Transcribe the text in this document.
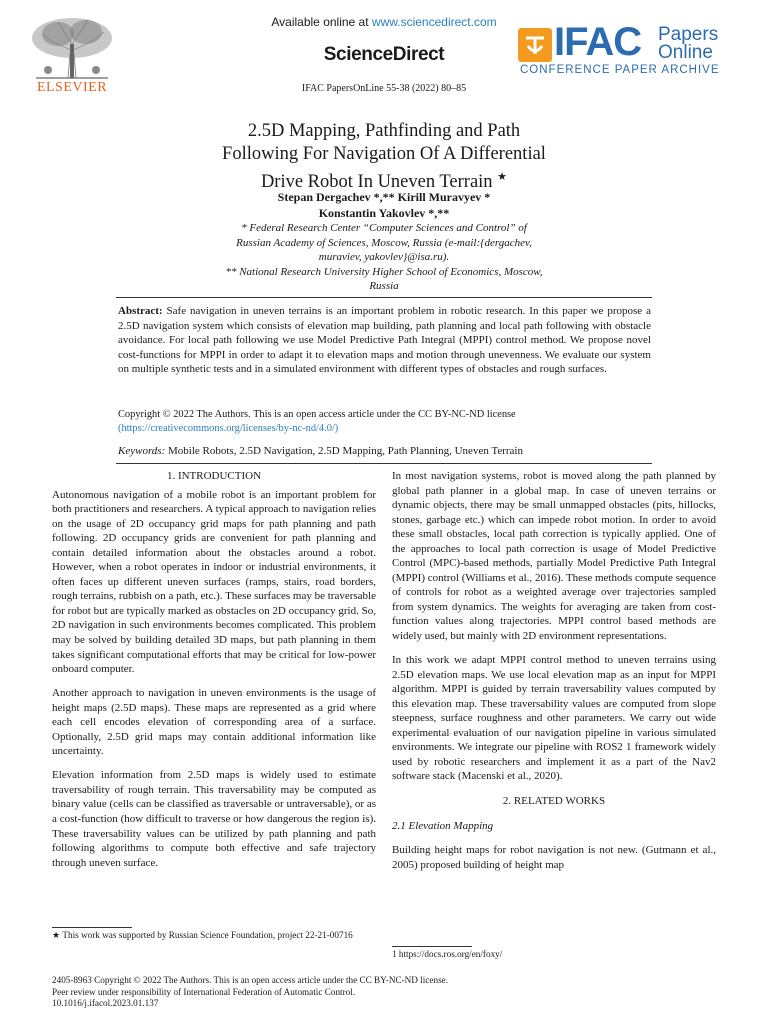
ELSEVIER
Available online at www.sciencedirect.com
ScienceDirect
IFAC PapersOnLine 55-38 (2022) 80–85
IFAC Papers
Online
CONFERENCE PAPER ARCHIVE
2.5D Mapping, Pathfinding and Path
Following For Navigation Of A Differential
Drive Robot In Uneven Terrain ★
Stepan Dergachev *,** Kirill Muravyev *
Konstantin Yakovlev *,**
* Federal Research Center “Computer Sciences and Control” of
Russian Academy of Sciences, Moscow, Russia (e-mail:{dergachev,
muraviev, yakovlev}@isa.ru).
** National Research University Higher School of Economics, Moscow,
Russia
Abstract: Safe navigation in uneven terrains is an important problem in robotic research. In this paper we propose a 2.5D navigation system which consists of elevation map building, path planning and local path following with obstacle avoidance. For local path following we use Model Predictive Path Integral (MPPI) control method. We propose novel cost-functions for MPPI in order to adapt it to elevation maps and motion through unevenness. We evaluate our system on multiple synthetic tests and in a simulated environment with different types of obstacles and rough surfaces.
Copyright © 2022 The Authors. This is an open access article under the CC BY-NC-ND license
(https://creativecommons.org/licenses/by-nc-nd/4.0/)
Keywords: Mobile Robots, 2.5D Navigation, 2.5D Mapping, Path Planning, Uneven Terrain

1. INTRODUCTION

Autonomous navigation of a mobile robot is an important problem for both practitioners and researchers. A typical approach to navigation relies on the usage of 2D occupancy grid maps for path planning and path following. 2D occupancy grids are convenient for path planning and contain detailed information about the obstacles around a robot. However, when a robot operates in indoor or industrial environments, it often faces up different uneven surfaces (ramps, stairs, road borders, rough terrains, rubbish on a path, etc.). These surfaces may be traversable for robot but are typically marked as obstacles on 2D occupancy grid. So, 2D navigation in such environments becomes complicated. This problem may be solved by building detailed 3D maps, but path planning in them takes significant computational efforts that may be critical for low-power onboard computer.

Another approach to navigation in uneven environments is the usage of height maps (2.5D maps). These maps are represented as a grid where each cell encodes elevation of corresponding area of a surface. Optionally, 2.5D grid maps may contain additional information like uncertainty.

Elevation information from 2.5D maps is widely used to estimate traversability of rough terrain. This traversability may be computed as binary value (cells can be classified as traversable or untraversable), or as a cost-function (how difficult to traverse or how dangerous the region is). These traversability values can be utilized by path planning and path following algorithms to compute both effective and safe trajectory through uneven surface.

★ This work was supported by Russian Science Foundation, project 22-21-00716

In most navigation systems, robot is moved along the path planned by global path planner in a global map. In case of uneven terrains or dynamic objects, there may be small unmapped obstacles (pits, hillocks, stones, garbage etc.) which can impede robot motion. In order to avoid these small obstacles, local path correction is typically applied. One of the approaches to local path correction is usage of Model Predictive Control (MPC)-based methods, partially Model Predictive Path Integral (MPPI) control (Williams et al., 2016). These methods compute sequence of controls for robot as a weighted average over trajectories sampled from system dynamics. The weights for averaging are taken from cost-function values along trajectories. MPPI control based methods are widely used, but mainly with 2D environment representations.

In this work we adapt MPPI control method to uneven terrains using 2.5D elevation maps. We use local elevation map as an input for MPPI algorithm. MPPI is guided by terrain traversability values computed by this elevation map. These traversability values are computed from slope steepness, surface roughness and other parameters. We carry out wide experimental evaluation of our navigation pipeline in various simulated environments. We integrate our pipeline with ROS2 1 framework widely used by robotic researchers and implement it as a part of the Nav2 software stack (Macenski et al., 2020).

2. RELATED WORKS

2.1 Elevation Mapping

Building height maps for robot navigation is not new. (Gutmann et al., 2005) proposed building of height map

1 https://docs.ros.org/en/foxy/
2405-8963 Copyright © 2022 The Authors. This is an open access article under the CC BY-NC-ND license.
Peer review under responsibility of International Federation of Automatic Control.
10.1016/j.ifacol.2023.01.137
